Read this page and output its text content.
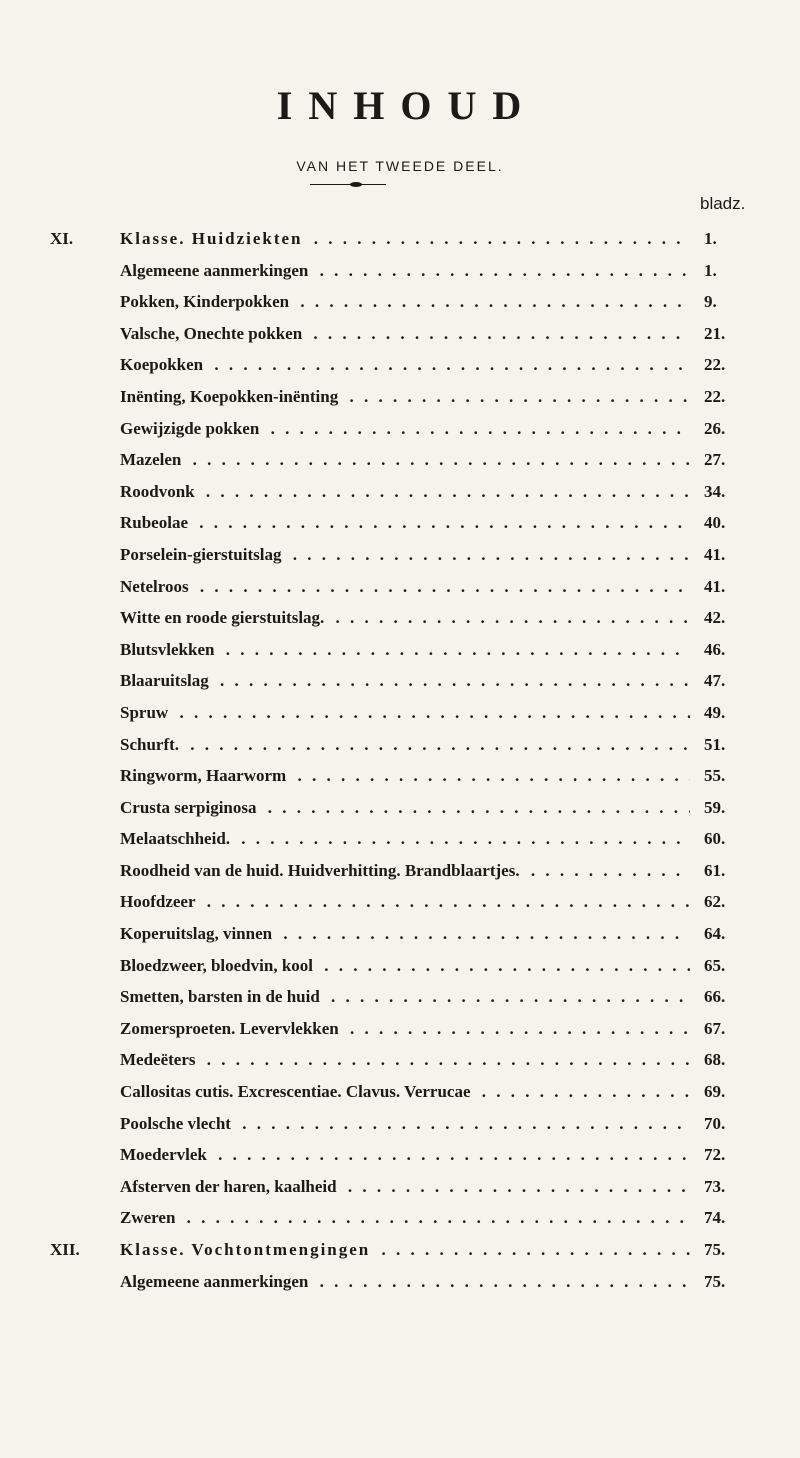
INHOUD
VAN HET TWEEDE DEEL.
bladz.
XI.	Klasse. Huidziekten . . .	1.
Algemeene aanmerkingen . . .	1.
Pokken, Kinderpokken . . .	9.
Valsche, Onechte pokken . . .	21.
Koepokken . . .	22.
Inënting, Koepokken-inënting . . .	22.
Gewijzigde pokken . . .	26.
Mazelen . . .	27.
Roodvonk . . .	34.
Rubeolae . . .	40.
Porselein-gierstuitslag . . .	41.
Netelroos . . .	41.
Witte en roode gierstuitslag. . . .	42.
Blutsvlekken . . .	46.
Blaaruitslag . . .	47.
Spruw . . .	49.
Schurft. . . .	51.
Ringworm, Haarworm . . .	55.
Crusta serpiginosa . . .	59.
Melaatschheid. . . .	60.
Roodheid van de huid. Huidverhitting. Brandblaartjes. . . .	61.
Hoofdzeer . . .	62.
Koperuitslag, vinnen . . .	64.
Bloedzweer, bloedvin, kool . . .	65.
Smetten, barsten in de huid . . .	66.
Zomersproeten. Levervlekken . . .	67.
Medeëters . . .	68.
Callositas cutis. Excrescentiae. Clavus. Verrucae . . .	69.
Poolsche vlecht . . .	70.
Moedervlek . . .	72.
Afsterven der haren, kaalheid . . .	73.
Zweren . . .	74.
XII.	Klasse. Vochtontmengingen . . .	75.
Algemeene aanmerkingen . . .	75.
